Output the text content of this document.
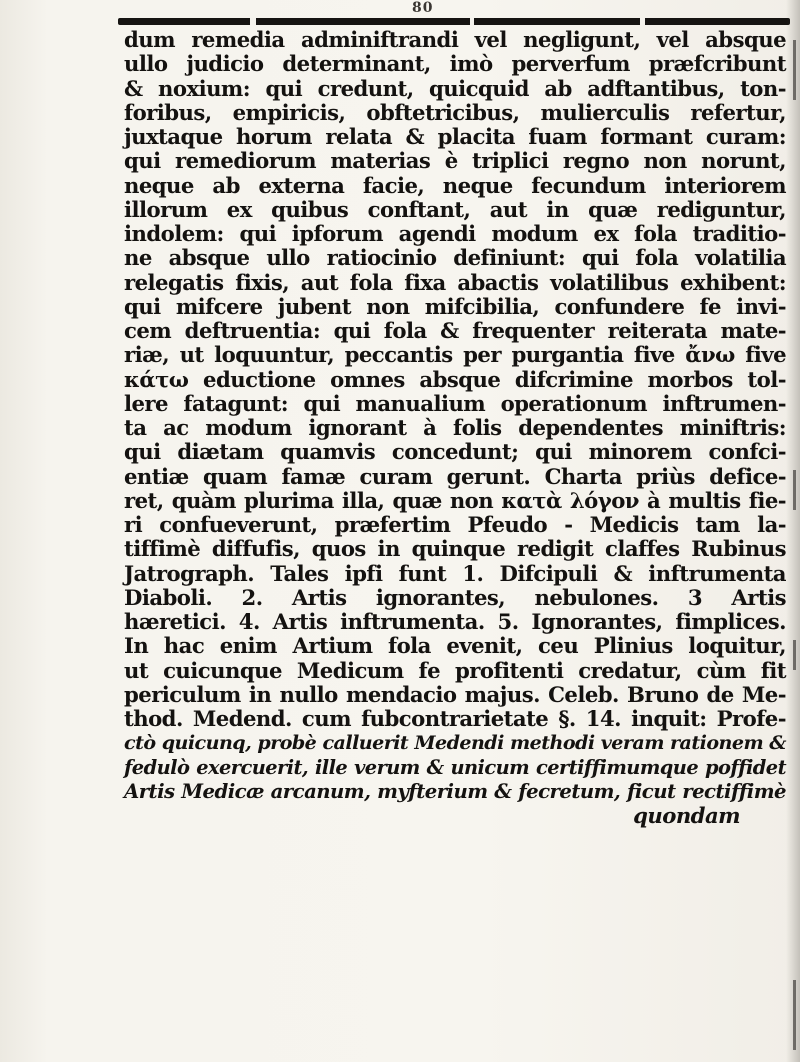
80
dum remedia adminiftrandi vel negligunt, vel absque
ullo judicio determinant, imò perverfum præfcribunt
& noxium: qui credunt, quicquid ab adftantibus, ton-
foribus, empiricis, obftetricibus, mulierculis refertur,
juxtaque horum relata & placita fuam formant curam:
qui remediorum materias è triplici regno non norunt,
neque ab externa facie, neque fecundum interiorem
illorum ex quibus conftant, aut in quæ rediguntur,
indolem: qui ipforum agendi modum ex fola traditio-
ne absque ullo ratiocinio definiunt: qui fola volatilia
relegatis fixis, aut fola fixa abactis volatilibus exhibent:
qui mifcere jubent non mifcibilia, confundere fe invi-
cem deftruentia: qui fola & frequenter reiterata mate-
riæ, ut loquuntur, peccantis per purgantia five ἄνω five
κάτω eductione omnes absque difcrimine morbos tol-
lere fatagunt: qui manualium operationum inftrumen-
ta ac modum ignorant à folis dependentes miniftris:
qui diætam quamvis concedunt; qui minorem confci-
entiæ quam famæ curam gerunt. Charta priùs defice-
ret, quàm plurima illa, quæ non κατὰ λόγον à multis fie-
ri confueverunt, præfertim Pfeudo - Medicis tam la-
tiffimè diffufis, quos in quinque redigit claffes Rubinus
Jatrograph. Tales ipfi funt 1. Difcipuli & inftrumenta
Diaboli. 2. Artis ignorantes, nebulones. 3 Artis
hæretici. 4. Artis inftrumenta. 5. Ignorantes, fimplices.
In hac enim Artium fola evenit, ceu Plinius loquitur,
ut cuicunque Medicum fe profitenti credatur, cùm fit
periculum in nullo mendacio majus. Celeb. Bruno de Me-
thod. Medend. cum fubcontrarietate §. 14. inquit: Profe-
ctò quicunq, probè calluerit Medendi methodi veram rationem &
fedulò exercuerit, ille verum & unicum certiffimumque poffidet
Artis Medicæ arcanum, myfterium & fecretum, ficut rectiffimè
quondam
